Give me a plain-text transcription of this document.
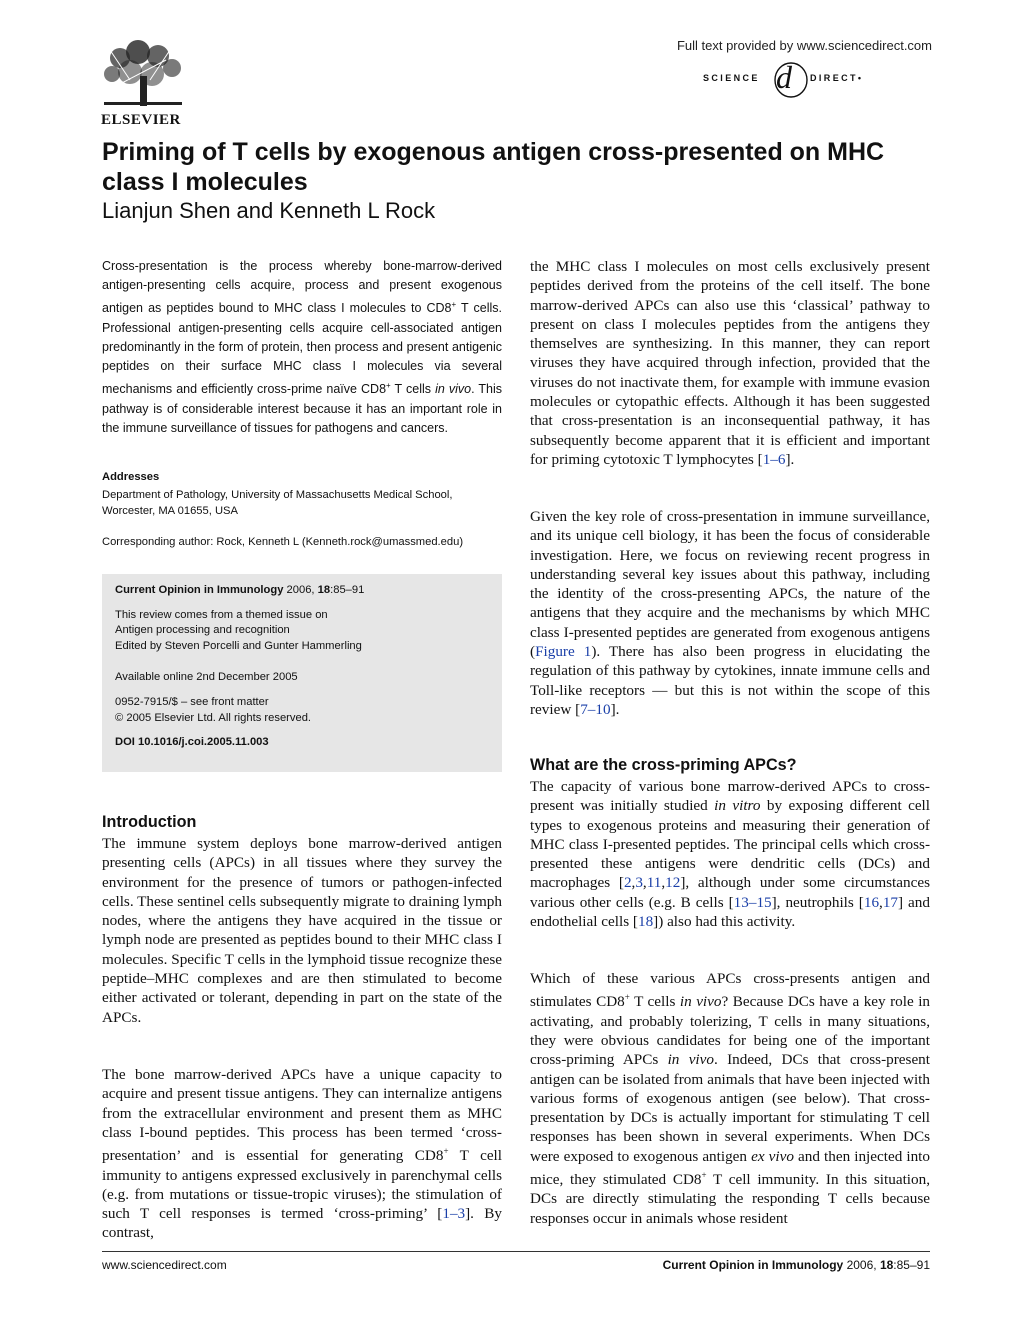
ELSEVIER
Full text provided by www.sciencedirect.com
SCIENCE d DIRECT•
Priming of T cells by exogenous antigen cross-presented on MHC class I molecules

Lianjun Shen and Kenneth L Rock

Cross-presentation is the process whereby bone-marrow-derived antigen-presenting cells acquire, process and present exogenous antigen as peptides bound to MHC class I molecules to CD8+ T cells. Professional antigen-presenting cells acquire cell-associated antigen predominantly in the form of protein, then process and present antigenic peptides on their surface MHC class I molecules via several mechanisms and efficiently cross-prime naïve CD8+ T cells in vivo. This pathway is of considerable interest because it has an important role in the immune surveillance of tissues for pathogens and cancers.

Addresses

Department of Pathology, University of Massachusetts Medical School, Worcester, MA 01655, USA

Corresponding author: Rock, Kenneth L (Kenneth.rock@umassmed.edu)

Current Opinion in Immunology 2006, 18:85–91

This review comes from a themed issue on

Antigen processing and recognition

Edited by Steven Porcelli and Gunter Hammerling

Available online 2nd December 2005

0952-7915/$ – see front matter

© 2005 Elsevier Ltd. All rights reserved.

DOI 10.1016/j.coi.2005.11.003

Introduction

The immune system deploys bone marrow-derived antigen presenting cells (APCs) in all tissues where they survey the environment for the presence of tumors or pathogen-infected cells. These sentinel cells subsequently migrate to draining lymph nodes, where the antigens they have acquired in the tissue or lymph node are presented as peptides bound to their MHC class I molecules. Specific T cells in the lymphoid tissue recognize these peptide–MHC complexes and are then stimulated to become either activated or tolerant, depending in part on the state of the APCs.

The bone marrow-derived APCs have a unique capacity to acquire and present tissue antigens. They can internalize antigens from the extracellular environment and present them as MHC class I-bound peptides. This process has been termed ‘cross-presentation’ and is essential for generating CD8+ T cell immunity to antigens expressed exclusively in parenchymal cells (e.g. from mutations or tissue-tropic viruses); the stimulation of such T cell responses is termed ‘cross-priming’ [1–3]. By contrast,

the MHC class I molecules on most cells exclusively present peptides derived from the proteins of the cell itself. The bone marrow-derived APCs can also use this ‘classical’ pathway to present on class I molecules peptides from the antigens they themselves are synthesizing. In this manner, they can report viruses they have acquired through infection, provided that the viruses do not inactivate them, for example with immune evasion molecules or cytopathic effects. Although it has been suggested that cross-presentation is an inconsequential pathway, it has subsequently become apparent that it is efficient and important for priming cytotoxic T lymphocytes [1–6].

Given the key role of cross-presentation in immune surveillance, and its unique cell biology, it has been the focus of considerable investigation. Here, we focus on reviewing recent progress in understanding several key issues about this pathway, including the identity of the cross-presenting APCs, the nature of the antigens that they acquire and the mechanisms by which MHC class I-presented peptides are generated from exogenous antigens (Figure 1). There has also been progress in elucidating the regulation of this pathway by cytokines, innate immune cells and Toll-like receptors — but this is not within the scope of this review [7–10].

What are the cross-priming APCs?

The capacity of various bone marrow-derived APCs to cross-present was initially studied in vitro by exposing different cell types to exogenous proteins and measuring their generation of MHC class I-presented peptides. The principal cells which cross-presented these antigens were dendritic cells (DCs) and macrophages [2,3,11,12], although under some circumstances various other cells (e.g. B cells [13–15], neutrophils [16,17] and endothelial cells [18]) also had this activity.

Which of these various APCs cross-presents antigen and stimulates CD8+ T cells in vivo? Because DCs have a key role in activating, and probably tolerizing, T cells in many situations, they were obvious candidates for being one of the important cross-priming APCs in vivo. Indeed, DCs that cross-present antigen can be isolated from animals that have been injected with various forms of exogenous antigen (see below). That cross-presentation by DCs is actually important for stimulating T cell responses has been shown in several experiments. When DCs were exposed to exogenous antigen ex vivo and then injected into mice, they stimulated CD8+ T cell immunity. In this situation, DCs are directly stimulating the responding T cells because responses occur in animals whose resident

www.sciencedirect.com	Current Opinion in Immunology 2006, 18:85–91
